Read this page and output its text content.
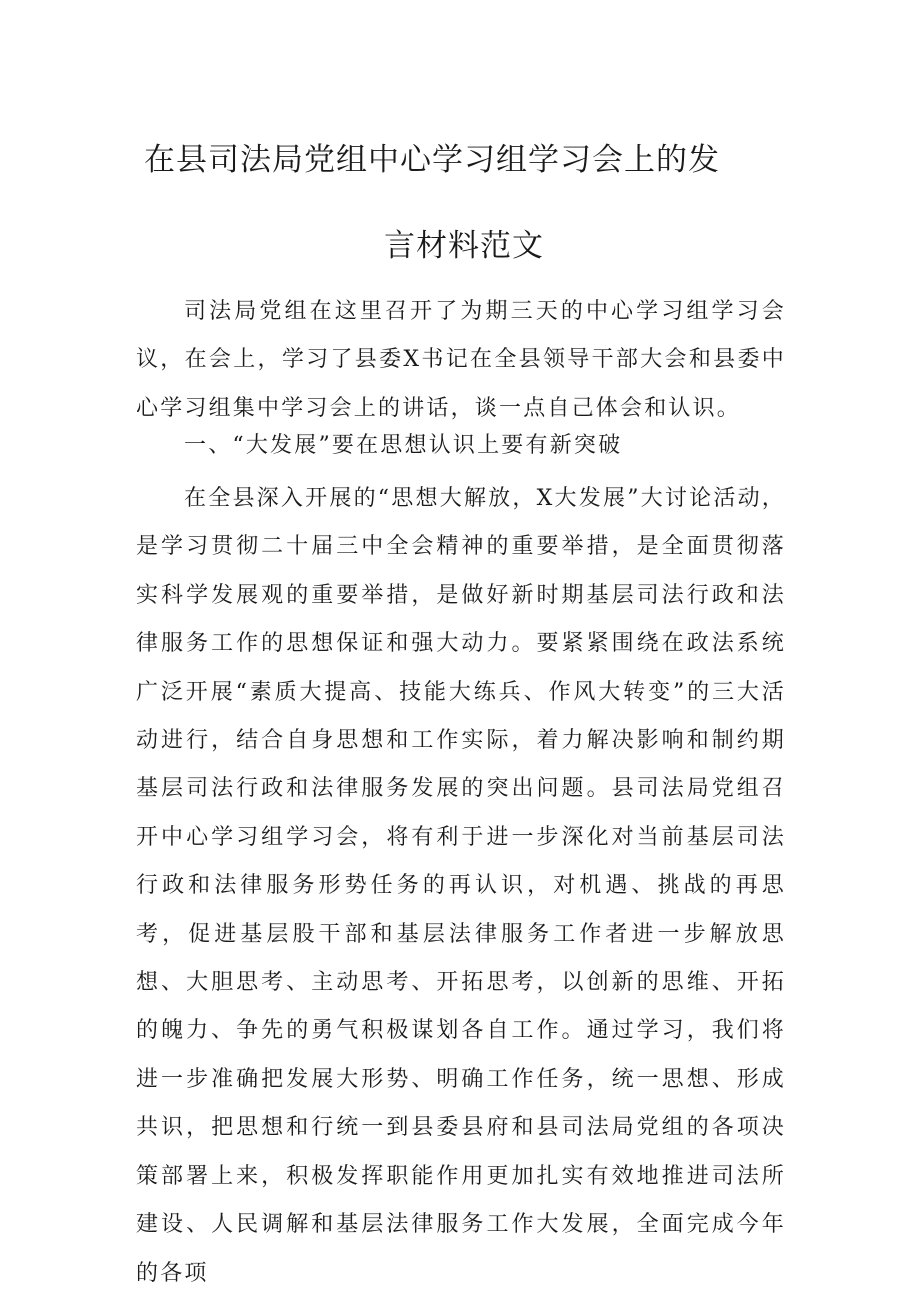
在县司法局党组中心学习组学习会上的发
言材料范文

司法局党组在这里召开了为期三天的中心学习组学习会议，在会上，学习了县委X书记在全县领导干部大会和县委中心学习组集中学习会上的讲话，谈一点自己体会和认识。

一、“大发展”要在思想认识上要有新突破

在全县深入开展的“思想大解放，X大发展”大讨论活动，是学习贯彻二十届三中全会精神的重要举措，是全面贯彻落实科学发展观的重要举措，是做好新时期基层司法行政和法律服务工作的思想保证和强大动力。要紧紧围绕在政法系统广泛开展“素质大提高、技能大练兵、作风大转变”的三大活动进行，结合自身思想和工作实际，着力解决影响和制约期基层司法行政和法律服务发展的突出问题。县司法局党组召开中心学习组学习会，将有利于进一步深化对当前基层司法行政和法律服务形势任务的再认识，对机遇、挑战的再思考，促进基层股干部和基层法律服务工作者进一步解放思想、大胆思考、主动思考、开拓思考，以创新的思维、开拓的魄力、争先的勇气积极谋划各自工作。通过学习，我们将进一步准确把发展大形势、明确工作任务，统一思想、形成共识，把思想和行统一到县委县府和县司法局党组的各项决策部署上来，积极发挥职能作用更加扎实有效地推进司法所建设、人民调解和基层法律服务工作大发展，全面完成今年的各项
